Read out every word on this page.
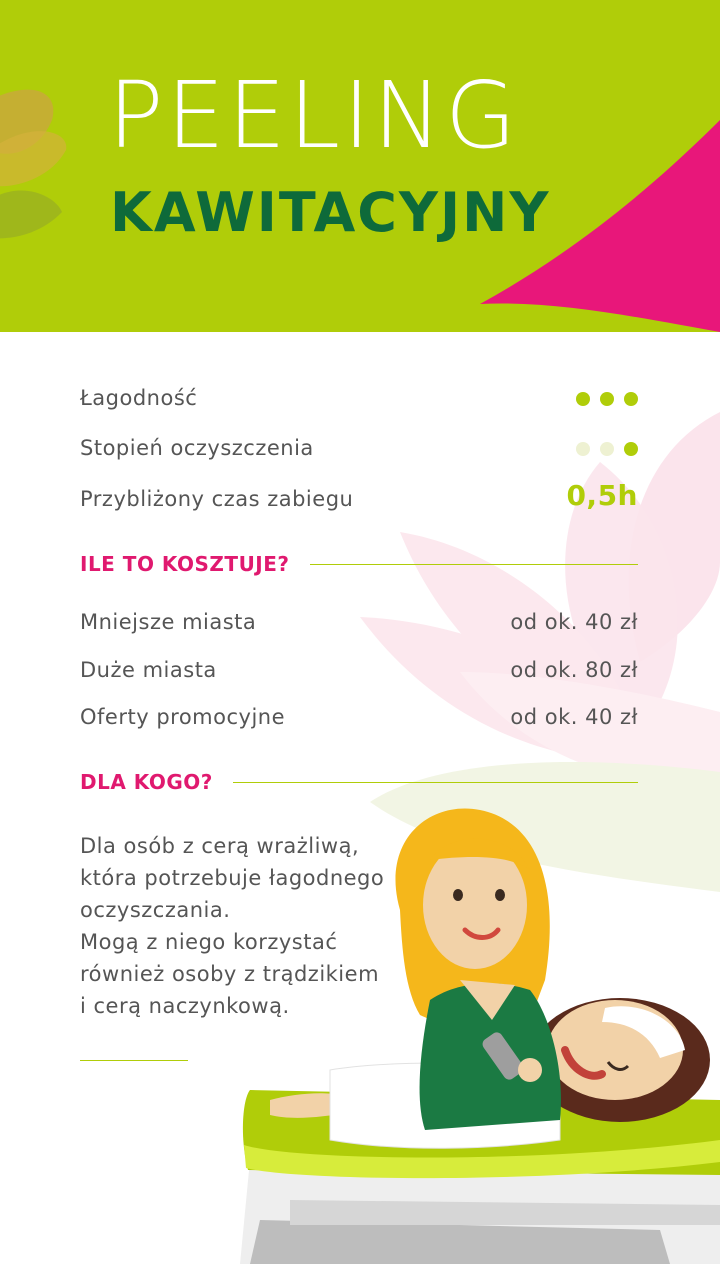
PEELING
KAWITACYJNY
Łagodność
Stopień oczyszczenia
Przybliżony czas zabiegu	0,5h
ILE TO KOSZTUJE?
Mniejsze miasta	od ok. 40 zł
Duże miasta	od ok. 80 zł
Oferty promocyjne	od ok. 40 zł
DLA KOGO?
Dla osób z cerą wrażliwą,
która potrzebuje łagodnego
oczyszczania.
Mogą z niego korzystać
również osoby z trądzikiem
i cerą naczynkową.
